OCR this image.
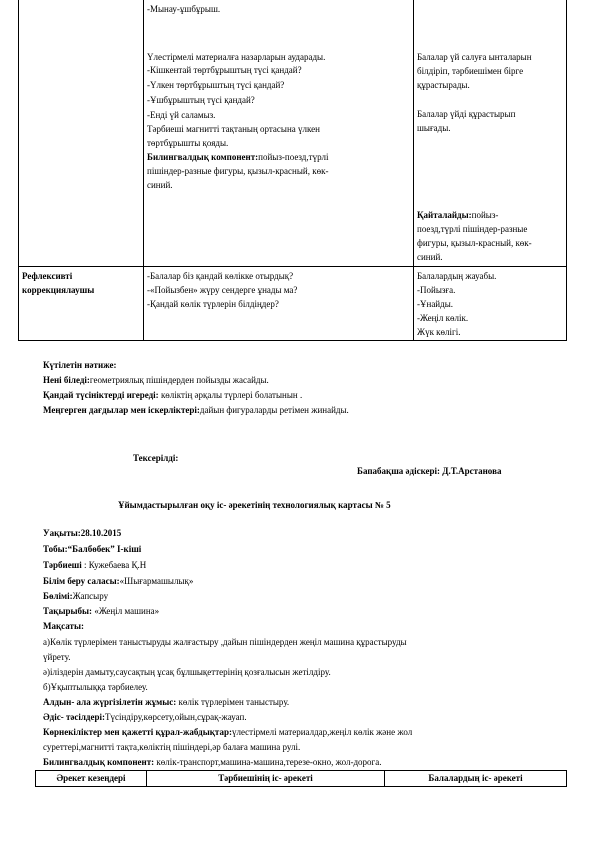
-Мынау-ұшбұрыш.
Үлестірмелі материалға назарларын аударады.
-Кішкентай төртбұрыштың түсі қандай?
-Үлкен төртбұрыштың түсі қандай?
-Ұшбұрыштың түсі қандай?
-Енді үй саламыз.
Тәрбиеші магнитті тақтаның ортасына үлкен
төртбұрышты қояды.
Билингвалдық компонент:пойыз-поезд,түрлі
пішіндер-разные фигуры, қызыл-красный, көк-
синий.
Балалар үй салуға ынталарын
білдіріп, тәрбиешімен бірге
құрастырады.
Балалар үйді құрастырып
шығады.
Қайталайды:пойыз-
поезд,түрлі пішіндер-разные
фигуры, қызыл-красный, көк-
синий.
Рефлексивті
коррекциялаушы
-Балалар біз қандай көлікке отырдық?
-«Пойызбен» жүру сендерге ұнады ма?
-Қандай көлік түрлерін білдіңдер?
Балалардың жауабы.
-Пойызға.
-Ұнайды.
-Жеңіл көлік.
Жүк көлігі.
Күтілетін нәтиже:
Нені біледі:геометриялық пішіндерден пойызды жасайды.
Қандай түсініктерді игереді: көліктің әрқалы түрлері болатынын .
Меңгерген дағдылар мен іскерліктері:дайын фигураларды ретімен жинайды.
Тексерілді:
Бапабақша әдіскері: Д.Т.Арстанова
Ұйымдастырылған оқу іс- әрекетінің технологиялық картасы № 5
Уақыты:28.10.2015
Тобы:“Балбөбек” І-кіші
Тәрбиеші : Кужебаева Қ.Н
Білім беру саласы:«Шығармашылық»
Бөлімі:Жапсыру
Тақырыбы: «Жеңіл машина»
Мақсаты:
а)Көлік түрлерімен таныстыруды жалғастыру ,дайын пішіндерден жеңіл машина құрастыруды
үйрету.
ә)іліздерін дамыту,саусақтың ұсақ бұлшықеттерінің қозғалысын жетілдіру.
б)Ұқыптылыққа тәрбиелеу.
Алдын- ала жүргізілетін жұмыс: көлік түрлерімен таныстыру.
Әдіс- тәсілдері:Түсіндіру,көрсету,ойын,сұрақ-жауап.
Көрнекіліктер мен қажетті құрал-жабдықтар:үлестірмелі материалдар,жеңіл көлік және жол
суреттері,магнитті тақта,көліктің пішіндері,әр балаға машина рулі.
Билингвалдық компонент: көлік-транспорт,машина-машина,терезе-окно, жол-дорога.
Әрекет кезеңдері	Тәрбиешінің іс- әрекеті	Балалардың іс- әрекеті
